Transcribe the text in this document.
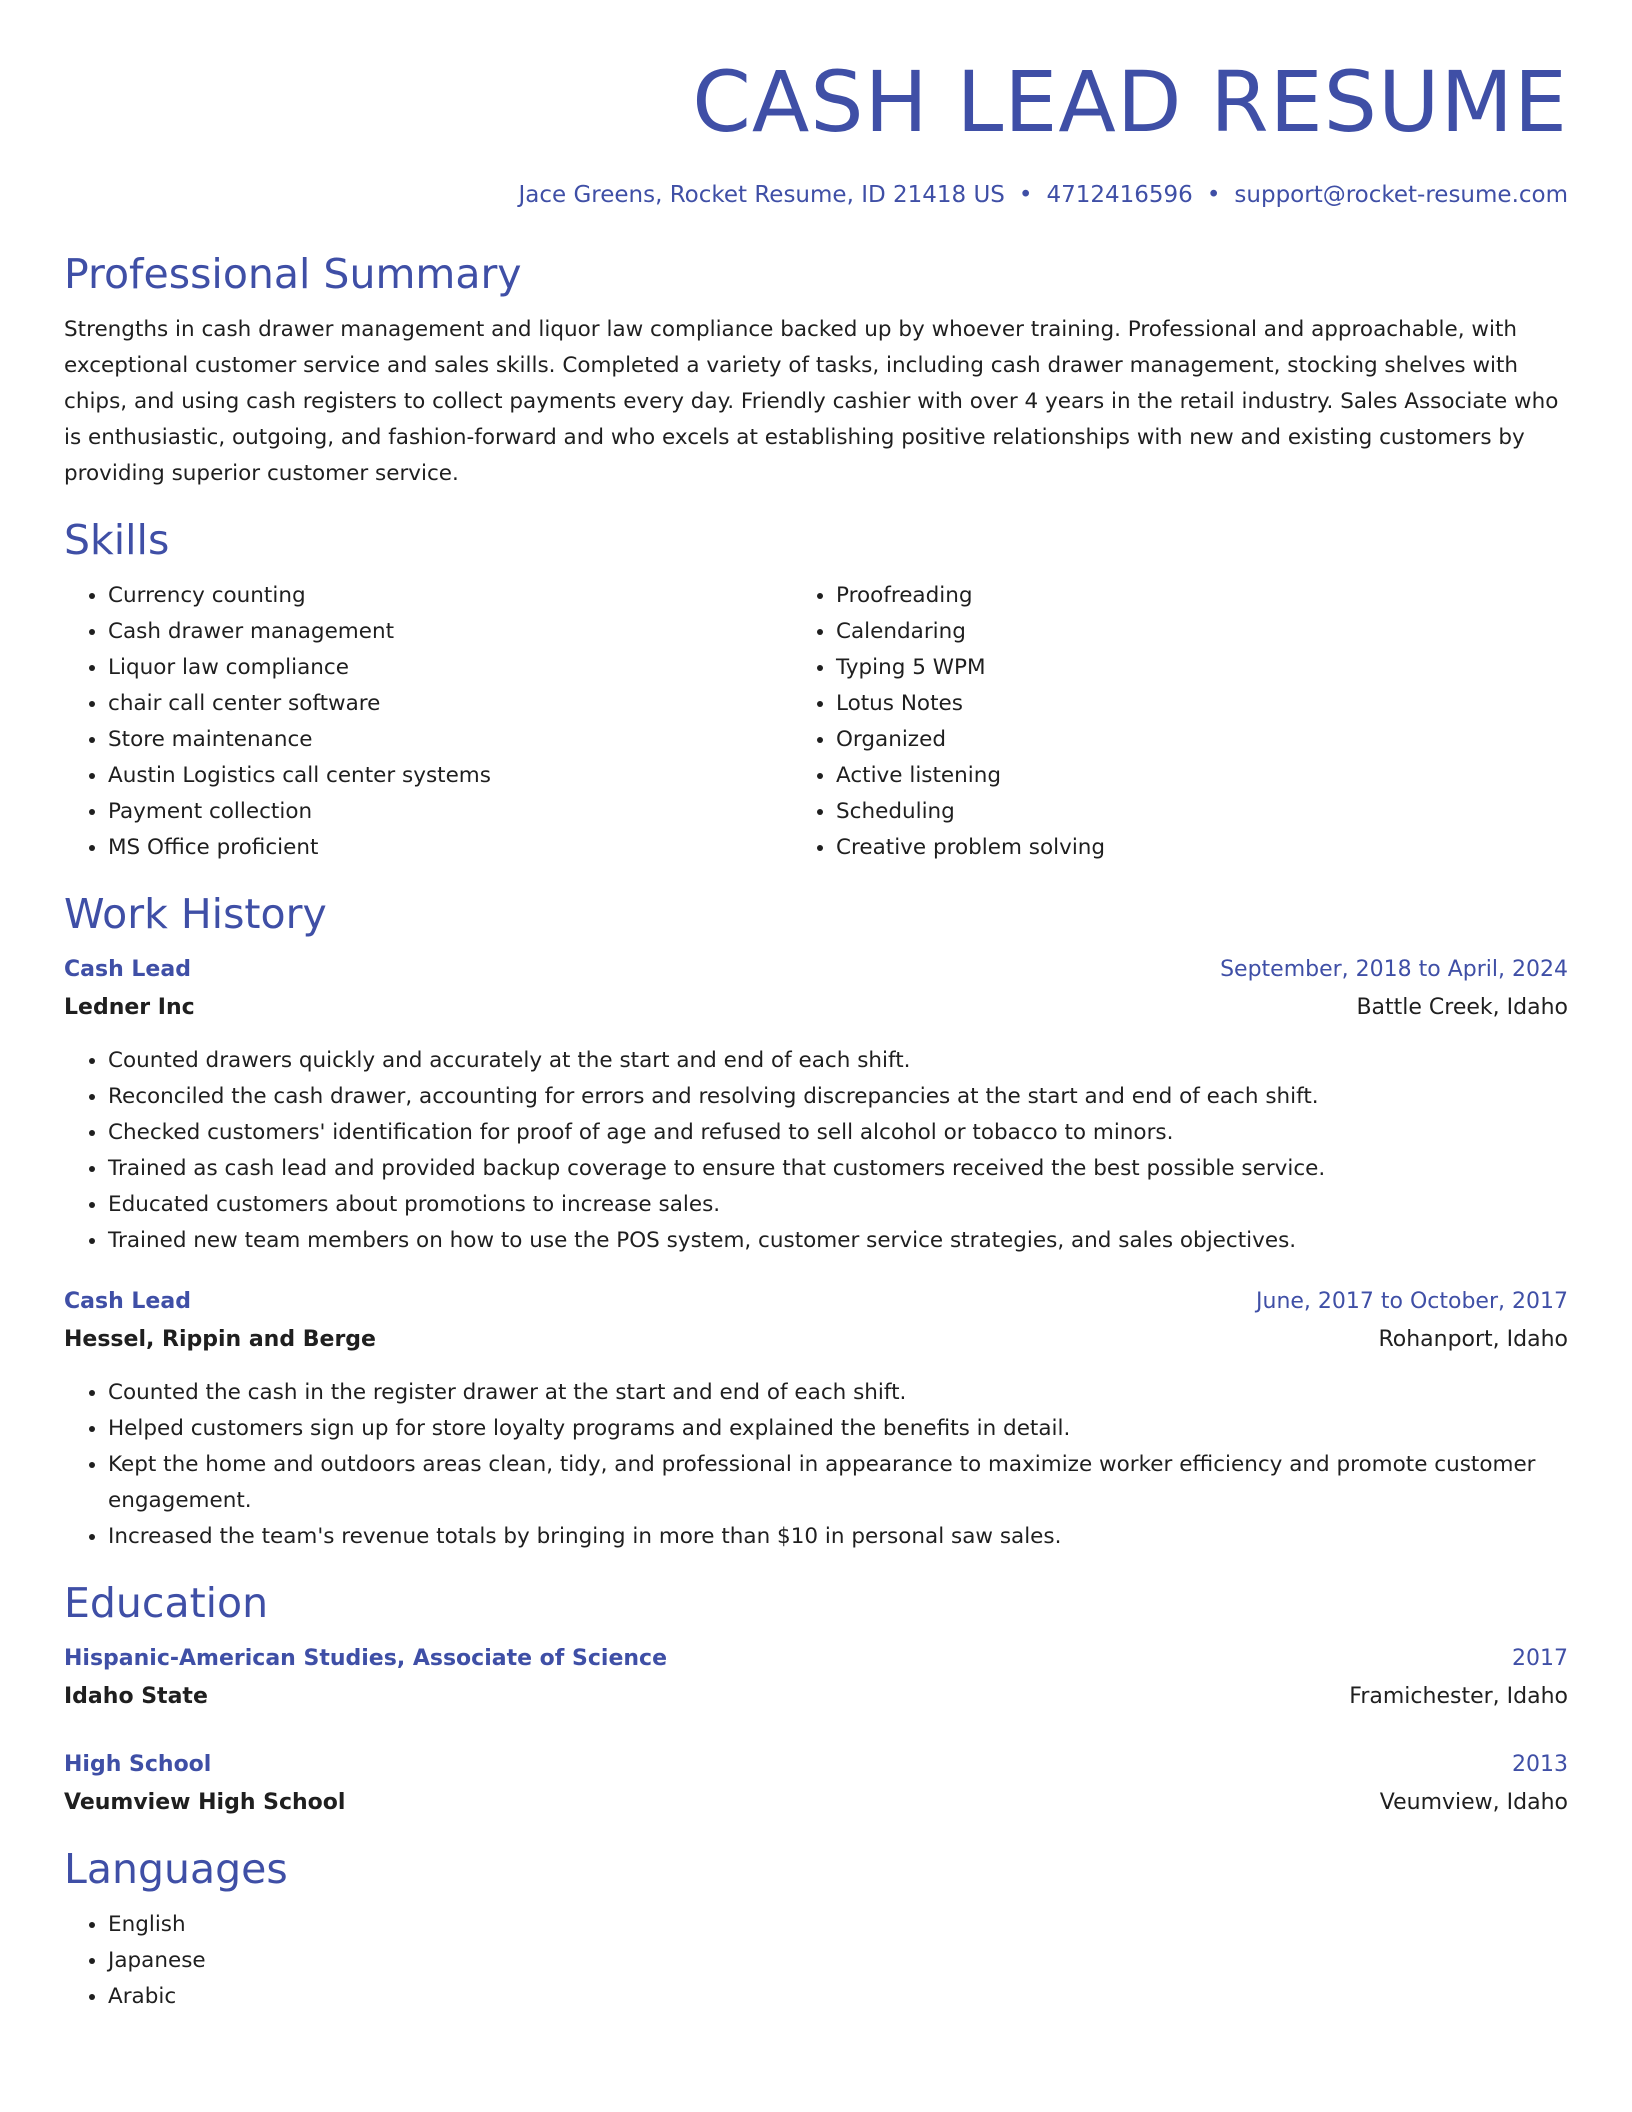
CASH LEAD RESUME
Jace Greens, Rocket Resume, ID 21418 US • 4712416596 • support@rocket-resume.com
Professional Summary

Strengths in cash drawer management and liquor law compliance backed up by whoever training. Professional and approachable, with exceptional customer service and sales skills. Completed a variety of tasks, including cash drawer management, stocking shelves with chips, and using cash registers to collect payments every day. Friendly cashier with over 4 years in the retail industry. Sales Associate who is enthusiastic, outgoing, and fashion-forward and who excels at establishing positive relationships with new and existing customers by providing superior customer service.

Skills
• Currency counting
• Cash drawer management
• Liquor law compliance
• chair call center software
• Store maintenance
• Austin Logistics call center systems
• Payment collection
• MS Office proficient
• Proofreading
• Calendaring
• Typing 5 WPM
• Lotus Notes
• Organized
• Active listening
• Scheduling
• Creative problem solving
Work History
Cash Lead	September, 2018 to April, 2024
Ledner Inc	Battle Creek, Idaho
• Counted drawers quickly and accurately at the start and end of each shift.
• Reconciled the cash drawer, accounting for errors and resolving discrepancies at the start and end of each shift.
• Checked customers' identification for proof of age and refused to sell alcohol or tobacco to minors.
• Trained as cash lead and provided backup coverage to ensure that customers received the best possible service.
• Educated customers about promotions to increase sales.
• Trained new team members on how to use the POS system, customer service strategies, and sales objectives.
Cash Lead	June, 2017 to October, 2017
Hessel, Rippin and Berge	Rohanport, Idaho
• Counted the cash in the register drawer at the start and end of each shift.
• Helped customers sign up for store loyalty programs and explained the benefits in detail.
• Kept the home and outdoors areas clean, tidy, and professional in appearance to maximize worker efficiency and promote customer engagement.
• Increased the team's revenue totals by bringing in more than $10 in personal saw sales.
Education
Hispanic-American Studies, Associate of Science	2017
Idaho State	Framichester, Idaho
High School	2013
Veumview High School	Veumview, Idaho
Languages
• English
• Japanese
• Arabic
